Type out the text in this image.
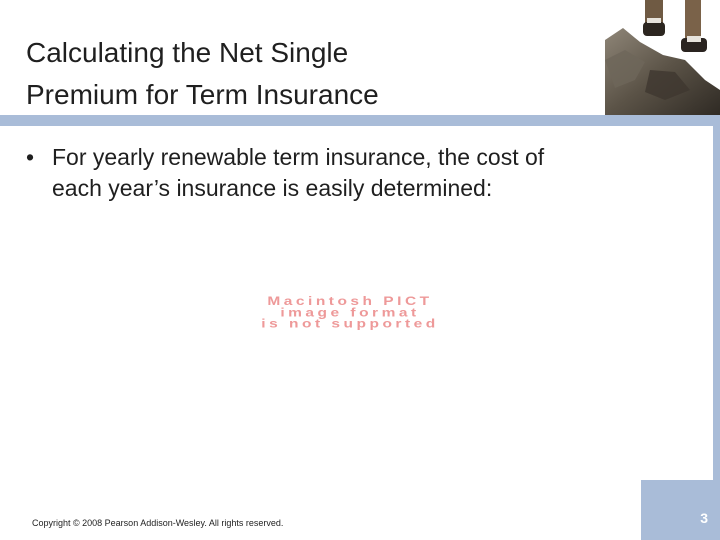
Calculating the Net Single
Premium for Term Insurance
• For yearly renewable term insurance, the cost of
each year’s insurance is easily determined:
Macintosh PICT
image format
is not supported
Copyright © 2008 Pearson Addison-Wesley. All rights reserved.	3
